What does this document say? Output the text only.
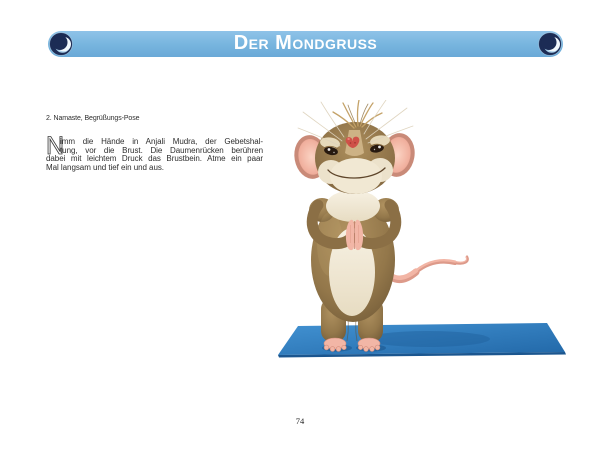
Der Mondgruss
2. Namaste, Begrüßungs-Pose
N
imm die Hände in Anjali Mudra, der Gebetshal-
tung, vor die Brust. Die Daumenrücken berühren
dabei mit leichtem Druck das Brustbein. Atme ein paar
Mal langsam und tief ein und aus.
74
